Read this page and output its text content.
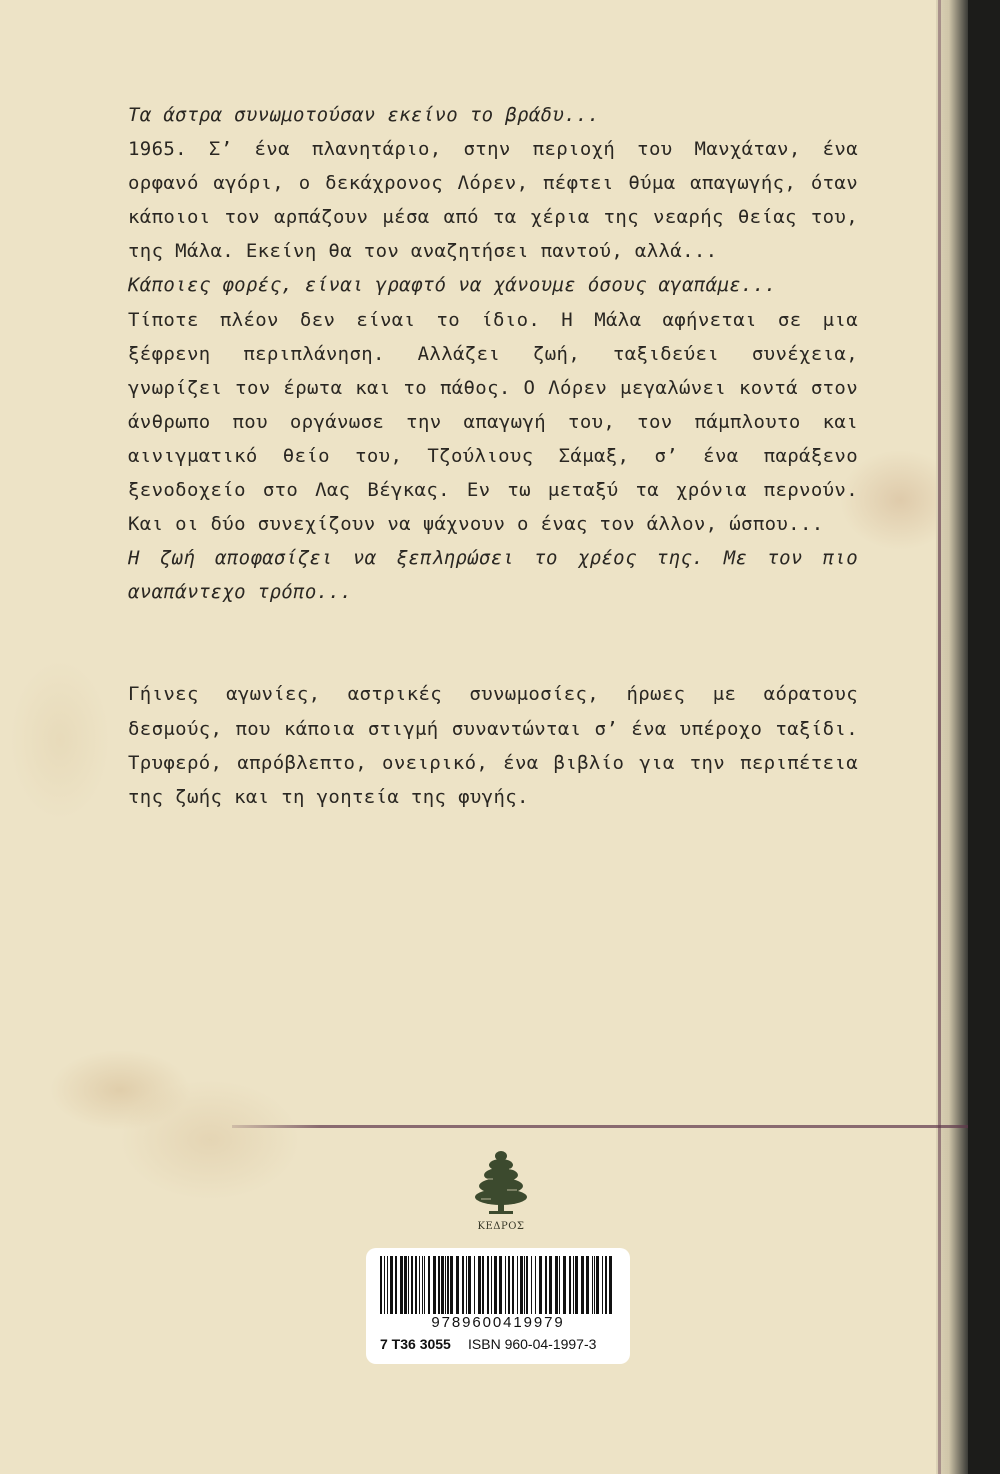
Τα άστρα συνωμοτούσαν εκείνο το βράδυ...

1965. Σ’ ένα πλανητάριο, στην περιοχή του Μανχάταν, ένα ορφανό αγόρι, ο δεκάχρονος Λόρεν, πέφτει θύμα απαγωγής, όταν κάποιοι τον αρπάζουν μέσα από τα χέρια της νεαρής θείας του, της Μάλα. Εκείνη θα τον αναζητήσει παντού, αλλά...

Κάποιες φορές, είναι γραφτό να χάνουμε όσους αγαπάμε...

Τίποτε πλέον δεν είναι το ίδιο. Η Μάλα αφήνεται σε μια ξέφρενη περιπλάνηση. Αλλάζει ζωή, ταξιδεύει συνέχεια, γνωρίζει τον έρωτα και το πάθος. Ο Λόρεν μεγαλώνει κοντά στον άνθρωπο που οργάνωσε την απαγωγή του, τον πάμπλουτο και αινιγματικό θείο του, Τζούλιους Σάμαξ, σ’ ένα παράξενο ξενοδοχείο στο Λας Βέγκας. Εν τω μεταξύ τα χρόνια περνούν. Και οι δύο συνεχίζουν να ψάχνουν ο ένας τον άλλον, ώσπου...

Η ζωή αποφασίζει να ξεπληρώσει το χρέος της. Με τον πιο αναπάντεχο τρόπο...

Γήινες αγωνίες, αστρικές συνωμοσίες, ήρωες με αόρατους δεσμούς, που κάποια στιγμή συναντώνται σ’ ένα υπέροχο ταξίδι. Τρυφερό, απρόβλεπτο, ονειρικό, ένα βιβλίο για την περιπέτεια της ζωής και τη γοητεία της φυγής.

ΚΕΔΡΟΣ
9789600419979
7 T36 3055 ISBN 960-04-1997-3
